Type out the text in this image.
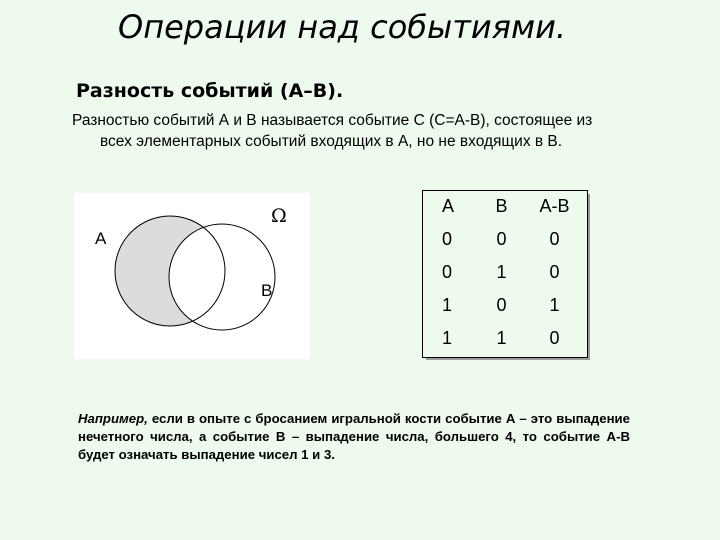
Операции над событиями.
Разность событий (A–B).
Разностью событий А и В называется событие С (С=А-В), состоящее из
всех элементарных событий входящих в А, но не входящих в В.
Ω
А
В
A	B	A-B
0	0	0
0	1	0
1	0	1
1	1	0
Например, если в опыте с бросанием игральной кости событие А – это выпадение нечетного числа, а событие В – выпадение числа, большего 4, то событие А-В будет означать выпадение чисел 1 и 3.
